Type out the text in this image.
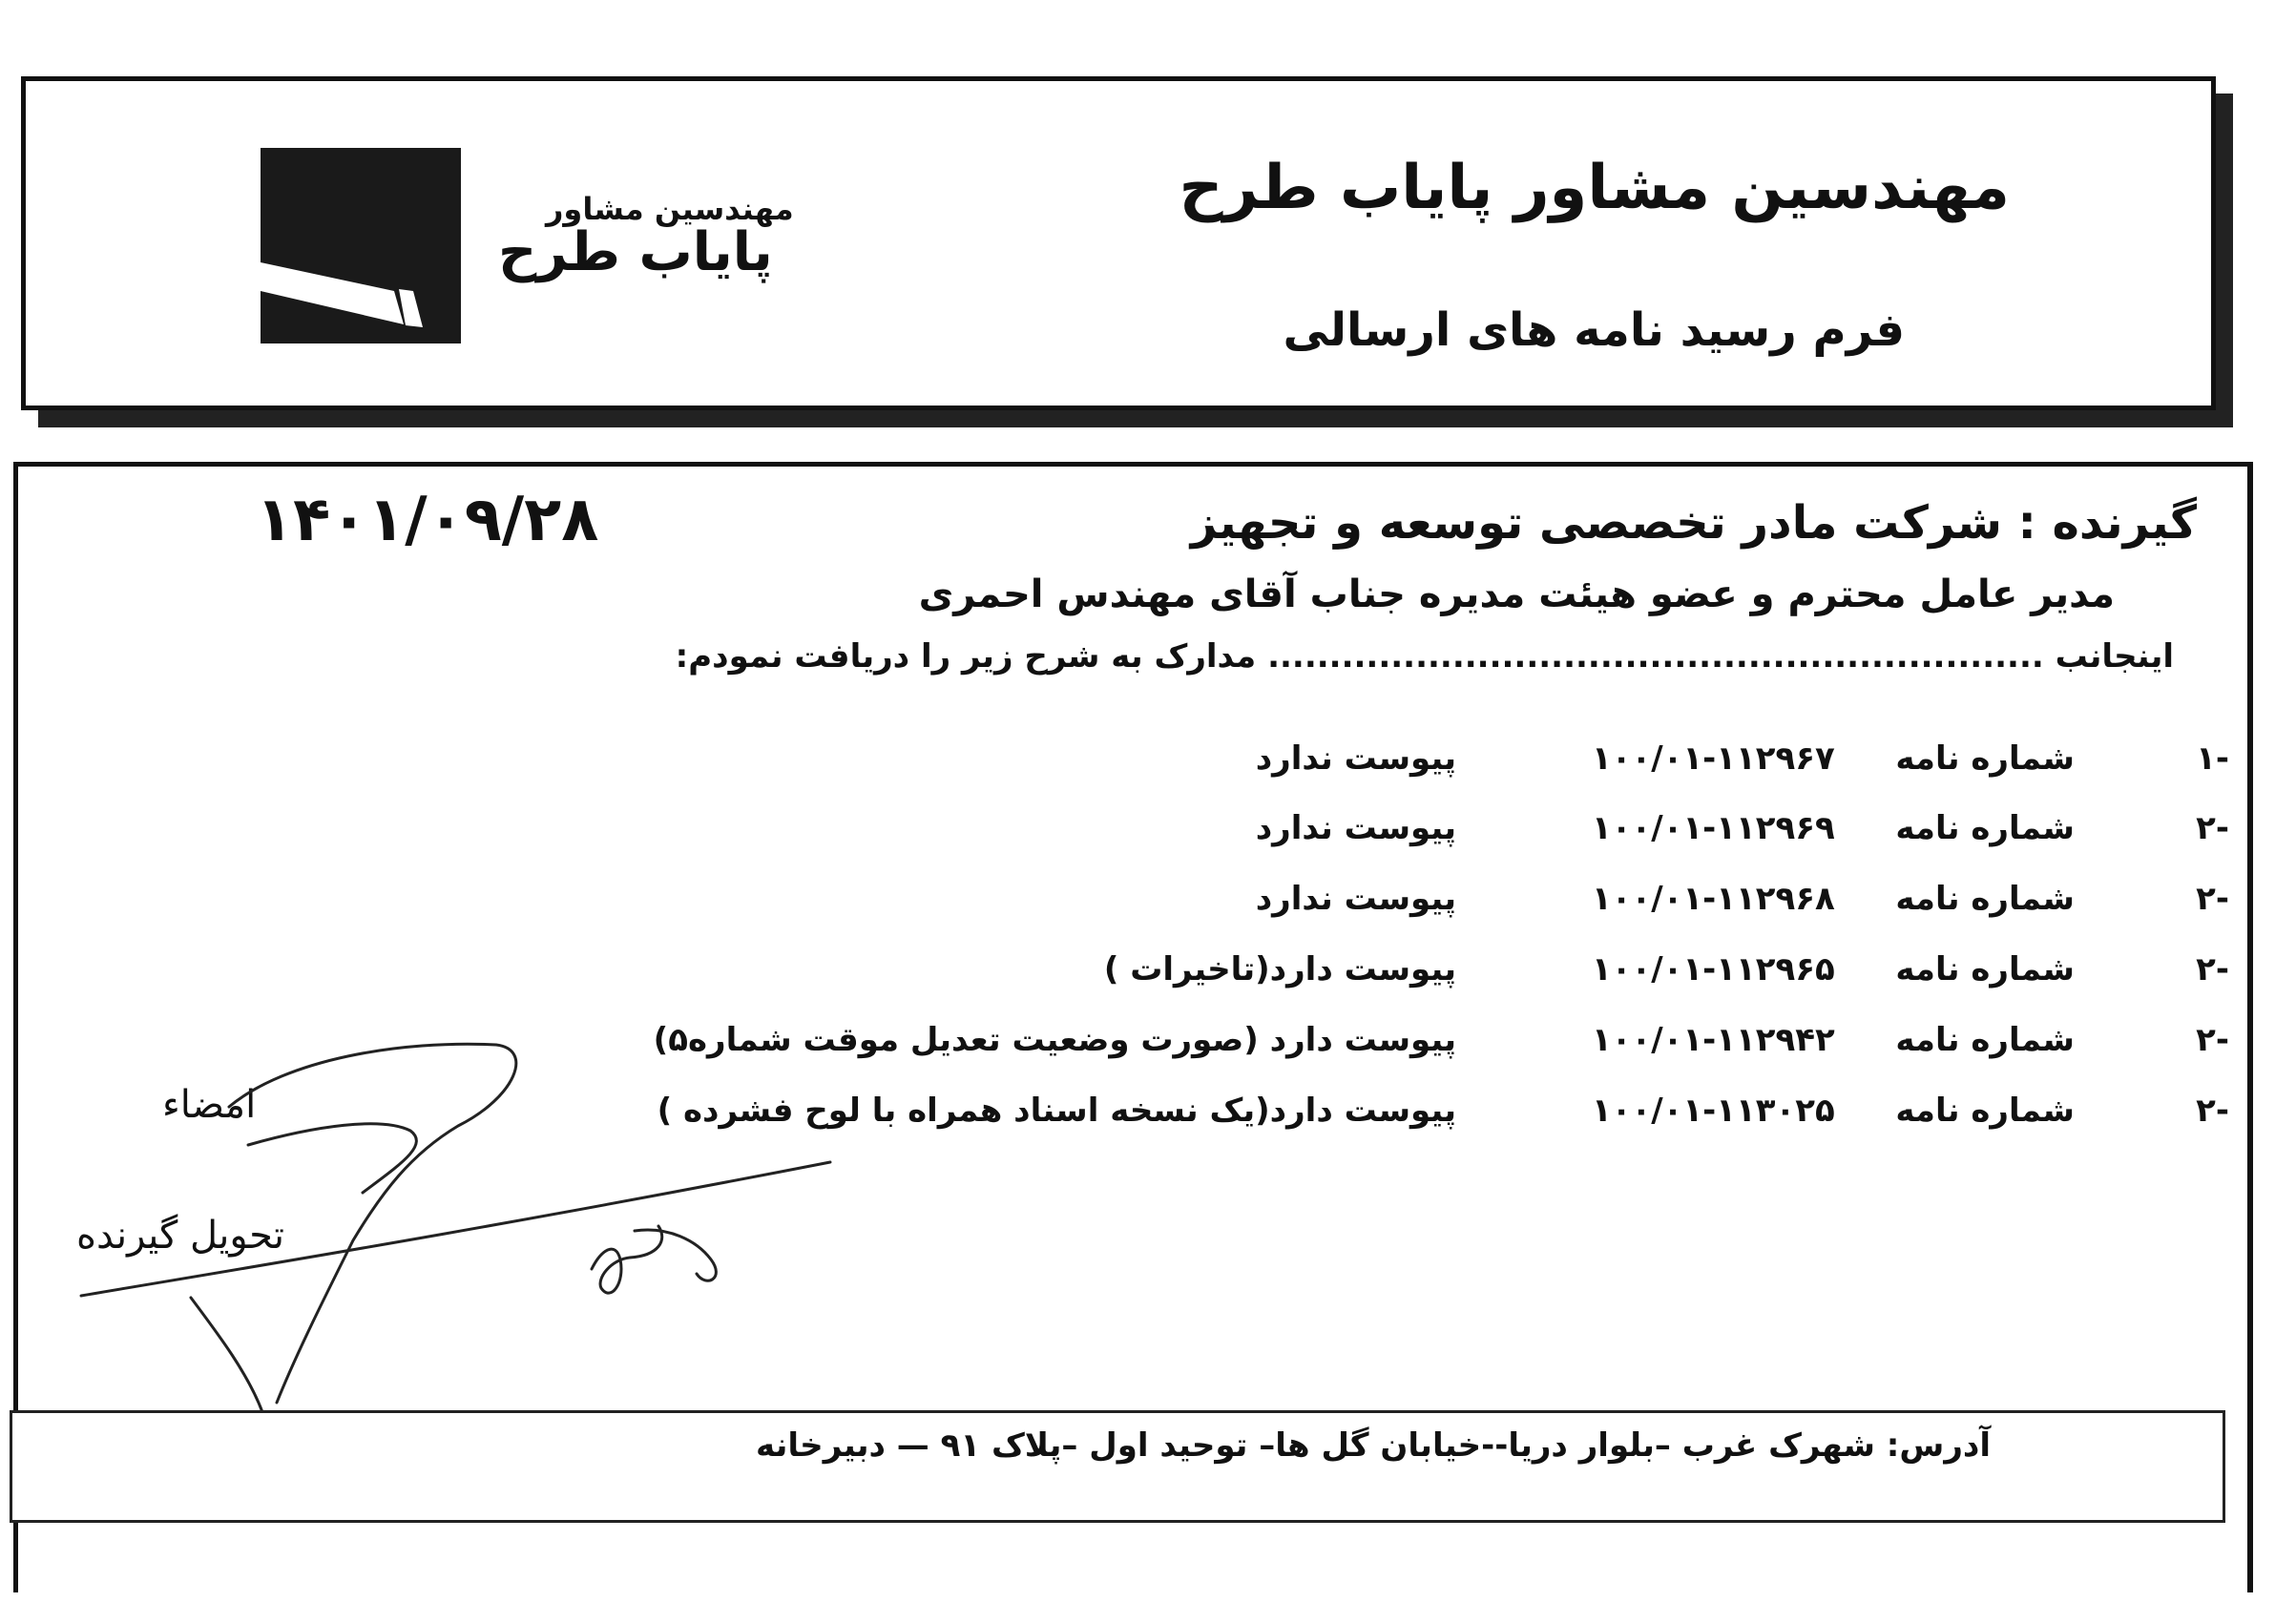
مهندسین مشاور پایاب طرح
فرم رسید نامه های ارسالی
مهندسین مشاور
پایاب طرح
۱۴۰۱/۰۹/۲۸	گیرنده : شرکت مادر تخصصی توسعه و تجهیز
مدیر عامل محترم و عضو هیئت مدیره جناب آقای مهندس احمری
اینجانب ............................................................... مدارک به شرح زیر را دریافت نمودم:
۱-
شماره نامه
۱۰۰/۰۱-۱۱۲۹۶۷
پیوست ندارد
۲-
شماره نامه
۱۰۰/۰۱-۱۱۲۹۶۹
پیوست ندارد
۲-
شماره نامه
۱۰۰/۰۱-۱۱۲۹۶۸
پیوست ندارد
۲-
شماره نامه
۱۰۰/۰۱-۱۱۲۹۶۵
پیوست دارد(تاخیرات )
۲-
شماره نامه
۱۰۰/۰۱-۱۱۲۹۴۲
پیوست دارد (صورت وضعیت تعدیل موقت شماره۵)
۲-
شماره نامه
۱۰۰/۰۱-۱۱۳۰۲۵
پیوست دارد(یک نسخه اسناد همراه با لوح فشرده )
امضاء
تحویل گیرنده
آدرس: شهرک غرب –بلوار دریا--خیابان گل ها– توحید اول –پلاک ۹۱ — دبیرخانه
